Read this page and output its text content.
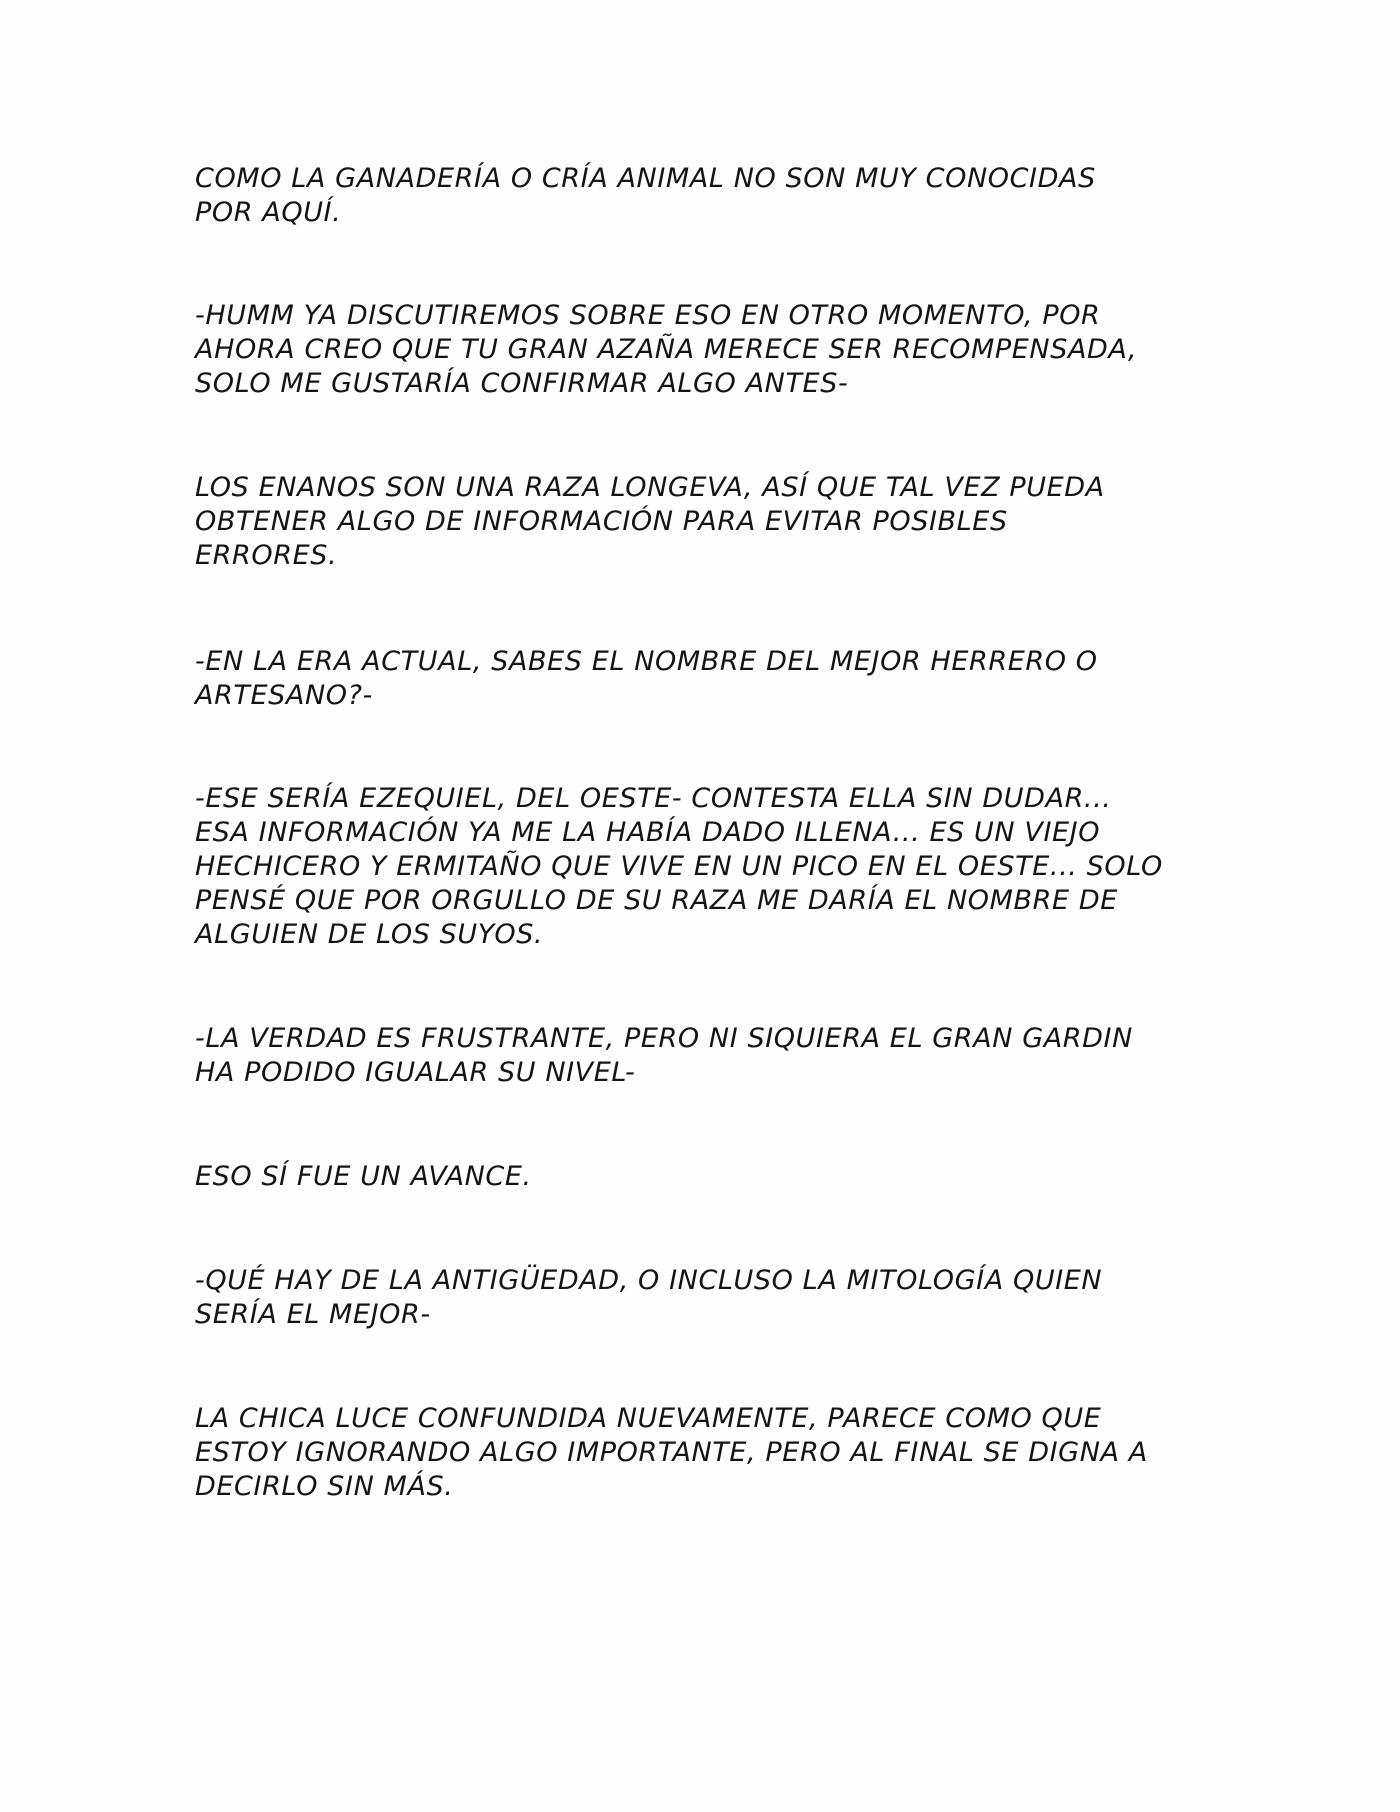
COMO LA GANADERÍA O CRÍA ANIMAL NO SON MUY CONOCIDAS
POR AQUÍ.

-HUMM YA DISCUTIREMOS SOBRE ESO EN OTRO MOMENTO, POR
AHORA CREO QUE TU GRAN AZAÑA MERECE SER RECOMPENSADA,
SOLO ME GUSTARÍA CONFIRMAR ALGO ANTES-

LOS ENANOS SON UNA RAZA LONGEVA, ASÍ QUE TAL VEZ PUEDA
OBTENER ALGO DE INFORMACIÓN PARA EVITAR POSIBLES
ERRORES.

-EN LA ERA ACTUAL, SABES EL NOMBRE DEL MEJOR HERRERO O
ARTESANO?-

-ESE SERÍA EZEQUIEL, DEL OESTE- CONTESTA ELLA SIN DUDAR...
ESA INFORMACIÓN YA ME LA HABÍA DADO ILLENA... ES UN VIEJO
HECHICERO Y ERMITAÑO QUE VIVE EN UN PICO EN EL OESTE... SOLO
PENSÉ QUE POR ORGULLO DE SU RAZA ME DARÍA EL NOMBRE DE
ALGUIEN DE LOS SUYOS.

-LA VERDAD ES FRUSTRANTE, PERO NI SIQUIERA EL GRAN GARDIN
HA PODIDO IGUALAR SU NIVEL-

ESO SÍ FUE UN AVANCE.

-QUÉ HAY DE LA ANTIGÜEDAD, O INCLUSO LA MITOLOGÍA QUIEN
SERÍA EL MEJOR-

LA CHICA LUCE CONFUNDIDA NUEVAMENTE, PARECE COMO QUE
ESTOY IGNORANDO ALGO IMPORTANTE, PERO AL FINAL SE DIGNA A
DECIRLO SIN MÁS.
